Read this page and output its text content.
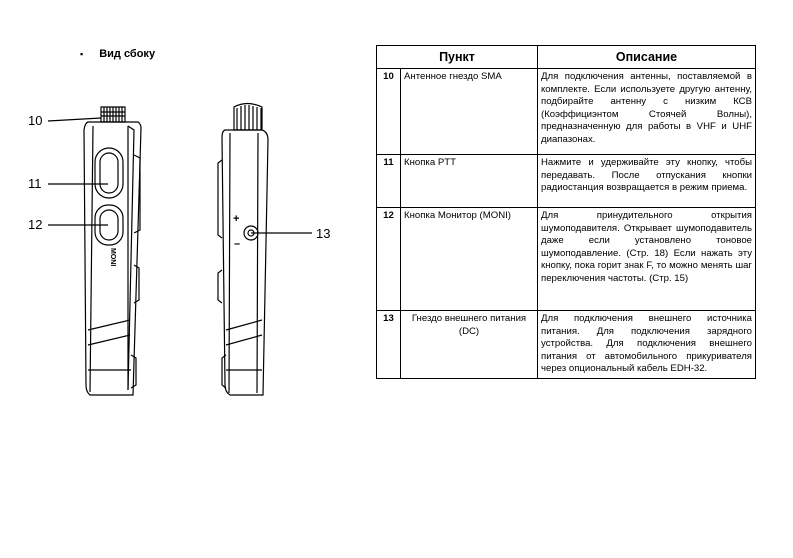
▪ Вид сбоку
MONI
+
–
10
11
12
13
Пункт		Описание
10	Антенное гнездо SMA	Для подключения антенны, поставляемой в комплекте. Если используете другую антенну, подбирайте антенну с низким КСВ (Коэффициэнтом Стоячей Волны), предназначенную для работы в VHF и UHF диапазонах.
11	Кнопка PTT	Нажмите и удерживайте эту кнопку, чтобы передавать. После отпускания кнопки радиостанция возвращается в режим приема.

12	Кнопка Монитор (MONI)	Для принудительного открытия шумоподавителя. Открывает шумоподавитель даже если установлено тоновое шумоподавление. (Стр. 18) Если нажать эту кнопку, пока горит знак F, то можно менять шаг переключения частоты. (Стр. 15)
13	Гнездо внешнего питания (DC)	Для подключения внешнего источника питания. Для подключения зарядного устройства. Для подключения внешнего питания от автомобильного прикуривателя через опциональный кабель EDH-32.
